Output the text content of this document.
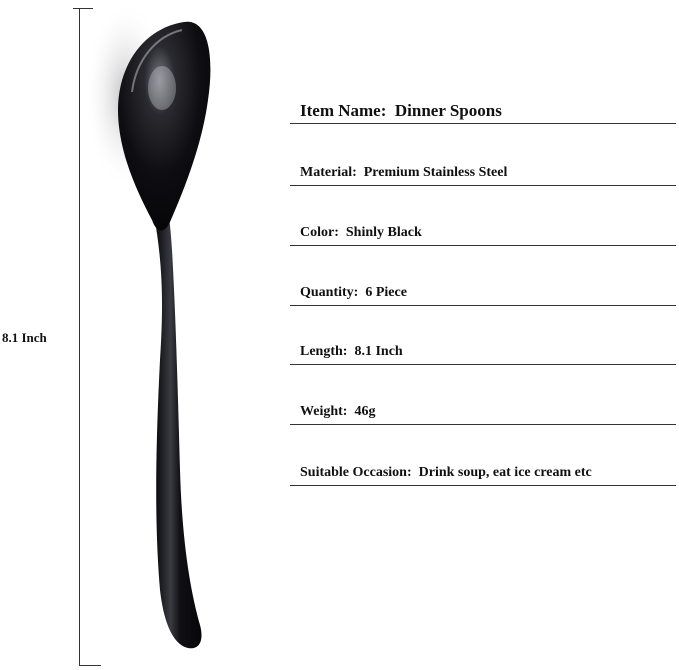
8.1 Inch
Item Name: Dinner Spoons
Material: Premium Stainless Steel
Color: Shinly Black
Quantity: 6 Piece
Length: 8.1 Inch
Weight: 46g
Suitable Occasion: Drink soup, eat ice cream etc
